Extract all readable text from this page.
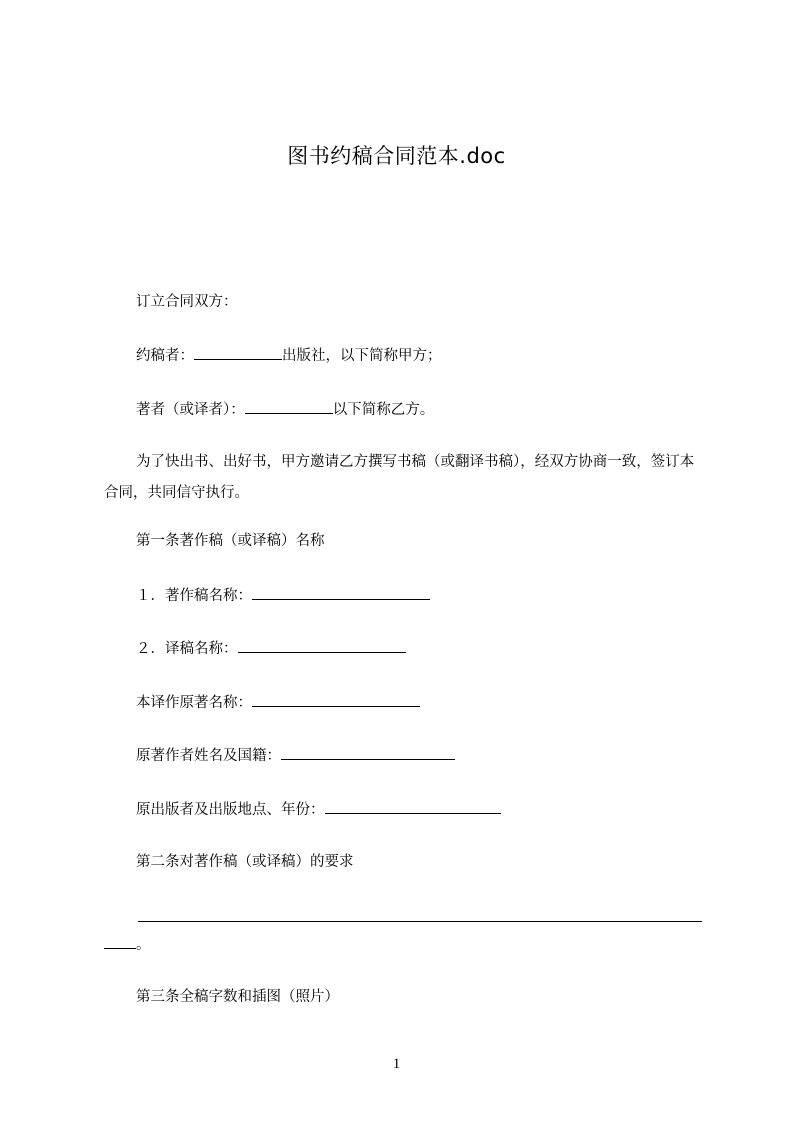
图书约稿合同范本.doc
订立合同双方：
约稿者：	出版社，以下简称甲方；
著者（或译者）：	以下简称乙方。
为了快出书、出好书，甲方邀请乙方撰写书稿（或翻译书稿），经双方协商一致，签订本合同，共同信守执行。
第一条著作稿（或译稿）名称
１．著作稿名称：
２．译稿名称：
本译作原著名称：
原著作者姓名及国籍：
原出版者及出版地点、年份：
第二条对著作稿（或译稿）的要求
。
第三条全稿字数和插图（照片）
1
